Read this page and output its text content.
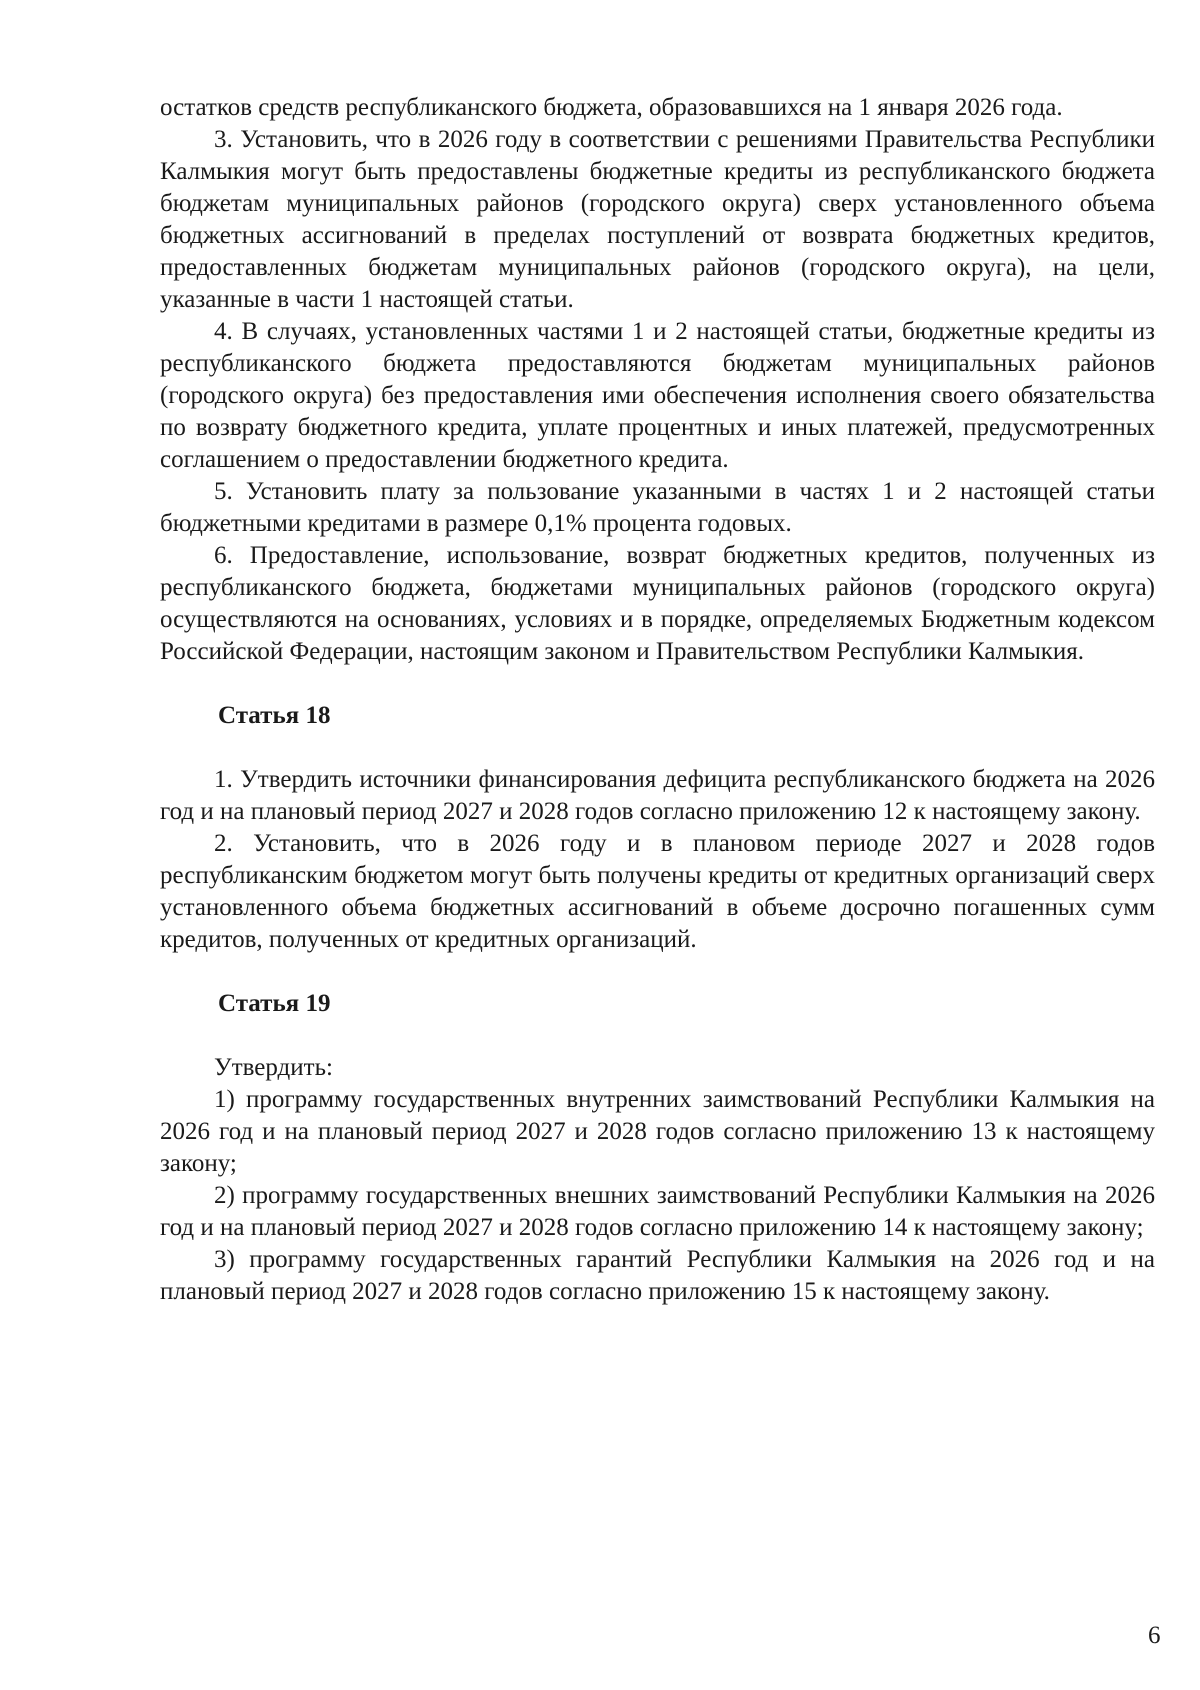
остатков средств республиканского бюджета, образовавшихся на 1 января 2026 года.

3. Установить, что в 2026 году в соответствии с решениями Правительства Республики Калмыкия могут быть предоставлены бюджетные кредиты из республиканского бюджета бюджетам муниципальных районов (городского округа) сверх установленного объема бюджетных ассигнований в пределах поступлений от возврата бюджетных кредитов, предоставленных бюджетам муниципальных районов (городского округа), на цели, указанные в части 1 настоящей статьи.

4. В случаях, установленных частями 1 и 2 настоящей статьи, бюджетные кредиты из республиканского бюджета предоставляются бюджетам муниципальных районов (городского округа) без предоставления ими обеспечения исполнения своего обязательства по возврату бюджетного кредита, уплате процентных и иных платежей, предусмотренных соглашением о предоставлении бюджетного кредита.

5. Установить плату за пользование указанными в частях 1 и 2 настоящей статьи бюджетными кредитами в размере 0,1% процента годовых.

6. Предоставление, использование, возврат бюджетных кредитов, полученных из республиканского бюджета, бюджетами муниципальных районов (городского округа) осуществляются на основаниях, условиях и в порядке, определяемых Бюджетным кодексом Российской Федерации, настоящим законом и Правительством Республики Калмыкия.

Статья 18

1. Утвердить источники финансирования дефицита республиканского бюджета на 2026 год и на плановый период 2027 и 2028 годов согласно приложению 12 к настоящему закону.

2. Установить, что в 2026 году и в плановом периоде 2027 и 2028 годов республиканским бюджетом могут быть получены кредиты от кредитных организаций сверх установленного объема бюджетных ассигнований в объеме досрочно погашенных сумм кредитов, полученных от кредитных организаций.

Статья 19

Утвердить:

1) программу государственных внутренних заимствований Республики Калмыкия на 2026 год и на плановый период 2027 и 2028 годов согласно приложению 13 к настоящему закону;

2) программу государственных внешних заимствований Республики Калмыкия на 2026 год и на плановый период 2027 и 2028 годов согласно приложению 14 к настоящему закону;

3) программу государственных гарантий Республики Калмыкия на 2026 год и на плановый период 2027 и 2028 годов согласно приложению 15 к настоящему закону.

6
